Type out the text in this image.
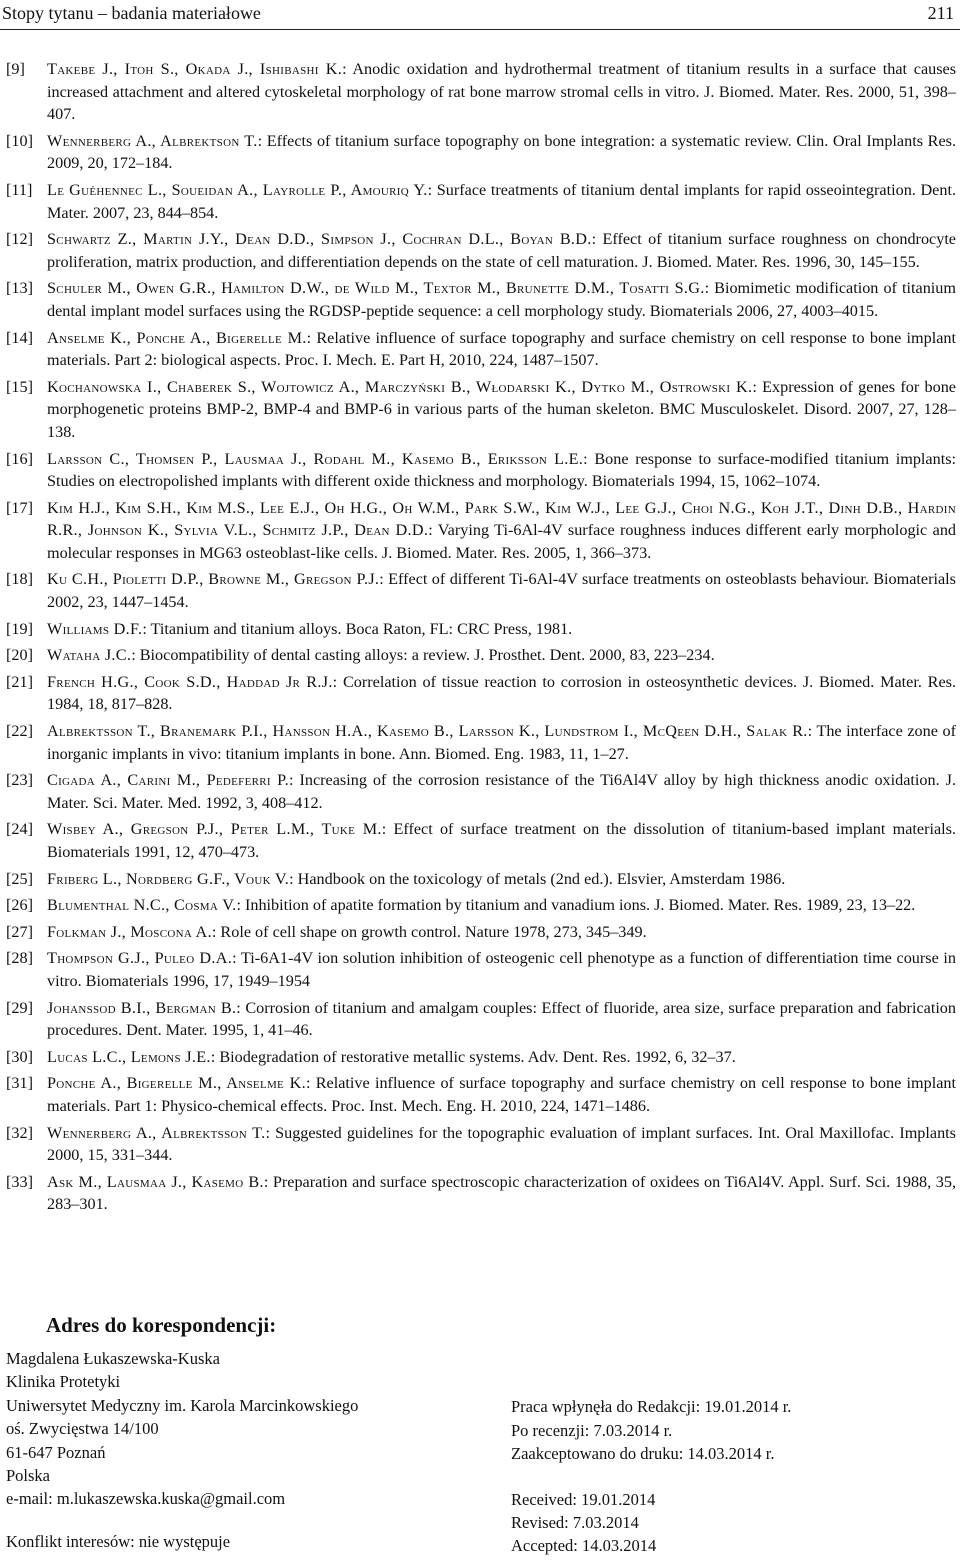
Stopy tytanu – badania materiałowe	211
[9]	Takebe J., Itoh S., Okada J., Ishibashi K.: Anodic oxidation and hydrothermal treatment of titanium results in a surface that causes increased attachment and altered cytoskeletal morphology of rat bone marrow stromal cells in vitro. J. Biomed. Mater. Res. 2000, 51, 398–407.
[10] Wennerberg A., Albrektson T.: Effects of titanium surface topography on bone integration: a systematic review. Clin. Oral Implants Res. 2009, 20, 172–184.
[11] Le Guéhennec L., Soueidan A., Layrolle P., Amouriq Y.: Surface treatments of titanium dental implants for rapid osseointegration. Dent. Mater. 2007, 23, 844–854.
[12] Schwartz Z., Martin J.Y., Dean D.D., Simpson J., Cochran D.L., Boyan B.D.: Effect of titanium surface roughness on chondrocyte proliferation, matrix production, and differentiation depends on the state of cell maturation. J. Biomed. Mater. Res. 1996, 30, 145–155.
[13] Schuler M., Owen G.R., Hamilton D.W., de Wild M., Textor M., Brunette D.M., Tosatti S.G.: Biomimetic modification of titanium dental implant model surfaces using the RGDSP-peptide sequence: a cell morphology study. Biomaterials 2006, 27, 4003–4015.
[14] Anselme K., Ponche A., Bigerelle M.: Relative influence of surface topography and surface chemistry on cell response to bone implant materials. Part 2: biological aspects. Proc. I. Mech. E. Part H, 2010, 224, 1487–1507.
[15] Kochanowska I., Chaberek S., Wojtowicz A., Marczyński B., Włodarski K., Dytko M., Ostrowski K.: Expression of genes for bone morphogenetic proteins BMP-2, BMP-4 and BMP-6 in various parts of the human skeleton. BMC Musculoskelet. Disord. 2007, 27, 128–138.
[16] Larsson C., Thomsen P., Lausmaa J., Rodahl M., Kasemo B., Eriksson L.E.: Bone response to surface-modified titanium implants: Studies on electropolished implants with different oxide thickness and morphology. Biomaterials 1994, 15, 1062–1074.
[17] Kim H.J., Kim S.H., Kim M.S., Lee E.J., Oh H.G., Oh W.M., Park S.W., Kim W.J., Lee G.J., Choi N.G., Koh J.T., Dinh D.B., Hardin R.R., Johnson K., Sylvia V.L., Schmitz J.P., Dean D.D.: Varying Ti-6Al-4V surface roughness induces different early morphologic and molecular responses in MG63 osteoblast-like cells. J. Biomed. Mater. Res. 2005, 1, 366–373.
[18] Ku C.H., Pioletti D.P., Browne M., Gregson P.J.: Effect of different Ti-6Al-4V surface treatments on osteoblasts behaviour. Biomaterials 2002, 23, 1447–1454.
[19] Williams D.F.: Titanium and titanium alloys. Boca Raton, FL: CRC Press, 1981.
[20] Wataha J.C.: Biocompatibility of dental casting alloys: a review. J. Prosthet. Dent. 2000, 83, 223–234.
[21] French H.G., Cook S.D., Haddad Jr R.J.: Correlation of tissue reaction to corrosion in osteosynthetic devices. J. Biomed. Mater. Res. 1984, 18, 817–828.
[22] Albrektsson T., Branemark P.I., Hansson H.A., Kasemo B., Larsson K., Lundstrom I., McQeen D.H., Salak R.: The interface zone of inorganic implants in vivo: titanium implants in bone. Ann. Biomed. Eng. 1983, 11, 1–27.
[23] Cigada A., Carini M., Pedeferri P.: Increasing of the corrosion resistance of the Ti6Al4V alloy by high thickness anodic oxidation. J. Mater. Sci. Mater. Med. 1992, 3, 408–412.
[24] Wisbey A., Gregson P.J., Peter L.M., Tuke M.: Effect of surface treatment on the dissolution of titanium-based implant materials. Biomaterials 1991, 12, 470–473.
[25] Friberg L., Nordberg G.F., Vouk V.: Handbook on the toxicology of metals (2nd ed.). Elsvier, Amsterdam 1986.
[26] Blumenthal N.C., Cosma V.: Inhibition of apatite formation by titanium and vanadium ions. J. Biomed. Mater. Res. 1989, 23, 13–22.
[27] Folkman J., Moscona A.: Role of cell shape on growth control. Nature 1978, 273, 345–349.
[28] Thompson G.J., Puleo D.A.: Ti-6A1-4V ion solution inhibition of osteogenic cell phenotype as a function of differentiation time course in vitro. Biomaterials 1996, 17, 1949–1954
[29] Johanssod B.I., Bergman B.: Corrosion of titanium and amalgam couples: Effect of fluoride, area size, surface preparation and fabrication procedures. Dent. Mater. 1995, 1, 41–46.
[30] Lucas L.C., Lemons J.E.: Biodegradation of restorative metallic systems. Adv. Dent. Res. 1992, 6, 32–37.
[31] Ponche A., Bigerelle M., Anselme K.: Relative influence of surface topography and surface chemistry on cell response to bone implant materials. Part 1: Physico-chemical effects. Proc. Inst. Mech. Eng. H. 2010, 224, 1471–1486.
[32] Wennerberg A., Albrektsson T.: Suggested guidelines for the topographic evaluation of implant surfaces. Int. Oral Maxillofac. Implants 2000, 15, 331–344.
[33] Ask M., Lausmaa J., Kasemo B.: Preparation and surface spectroscopic characterization of oxidees on Ti6Al4V. Appl. Surf. Sci. 1988, 35, 283–301.
Adres do korespondencji:
Magdalena Łukaszewska-Kuska
Klinika Protetyki
Uniwersytet Medyczny im. Karola Marcinkowskiego
oś. Zwycięstwa 14/100
61-647 Poznań
Polska
e-mail: m.lukaszewska.kuska@gmail.com
Konflikt interesów: nie występuje
Praca wpłynęła do Redakcji: 19.01.2014 r.
Po recenzji: 7.03.2014 r.
Zaakceptowano do druku: 14.03.2014 r.
Received: 19.01.2014
Revised: 7.03.2014
Accepted: 14.03.2014
